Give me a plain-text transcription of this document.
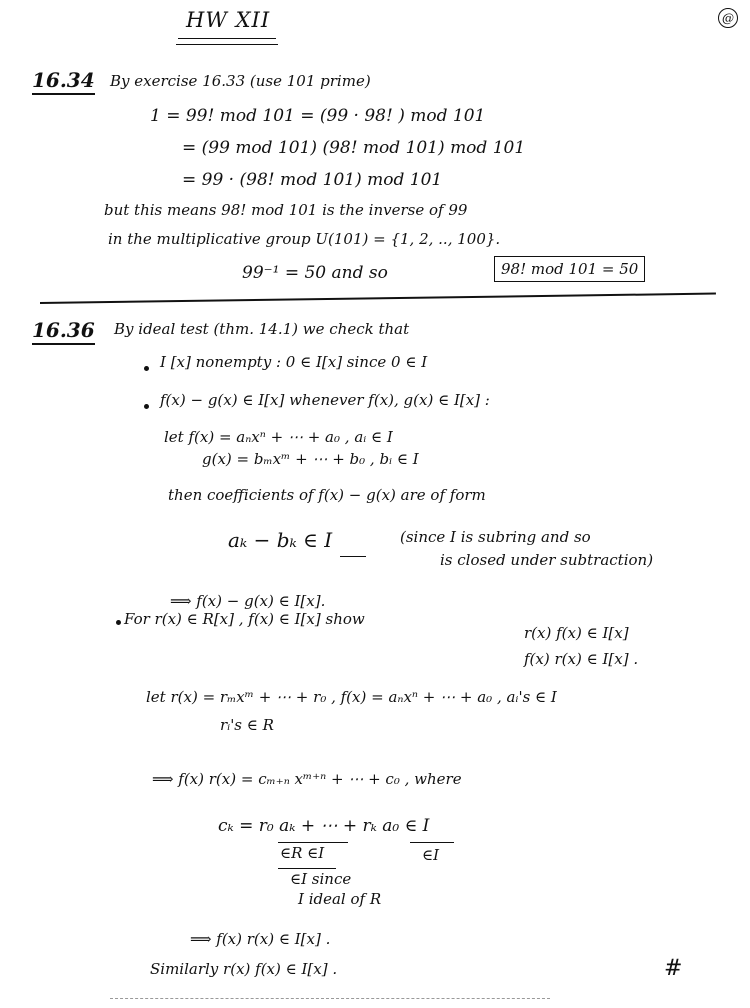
HW XII	@
16.34 By exercise 16.33 (use 101 prime)
1 = 99! mod 101 = (99 · 98! ) mod 101
= (99 mod 101) (98! mod 101) mod 101
= 99 · (98! mod 101) mod 101
but this means 98! mod 101 is the inverse of 99
in the multiplicative group U(101) = {1, 2, .., 100}.
99⁻¹ = 50 and so	98! mod 101 = 50
16.36 By ideal test (thm. 14.1) we check that
I [x] nonempty : 0 ∈ I[x] since 0 ∈ I
f(x) − g(x) ∈ I[x] whenever f(x), g(x) ∈ I[x] :
let f(x) = aₙxⁿ + ⋯ + a₀ , aᵢ ∈ I
g(x) = bₘxᵐ + ⋯ + b₀ , bᵢ ∈ I
then coefficients of f(x) − g(x) are of form
aₖ − bₖ ∈ I	(since I is subring and so
is closed under subtraction)
⟹ f(x) − g(x) ∈ I[x].
For r(x) ∈ R[x] , f(x) ∈ I[x] show
r(x) f(x) ∈ I[x]
f(x) r(x) ∈ I[x] .
let r(x) = rₘxᵐ + ⋯ + r₀ , f(x) = aₙxⁿ + ⋯ + a₀ , aᵢ's ∈ I
rᵢ's ∈ R
⟹ f(x) r(x) = cₘ₊ₙ xᵐ⁺ⁿ + ⋯ + c₀ , where
cₖ = r₀ aₖ + ⋯ + rₖ a₀ ∈ I
∈R ∈I	∈I
∈I since
I ideal of R
⟹ f(x) r(x) ∈ I[x] .
Similarly r(x) f(x) ∈ I[x] .	#
